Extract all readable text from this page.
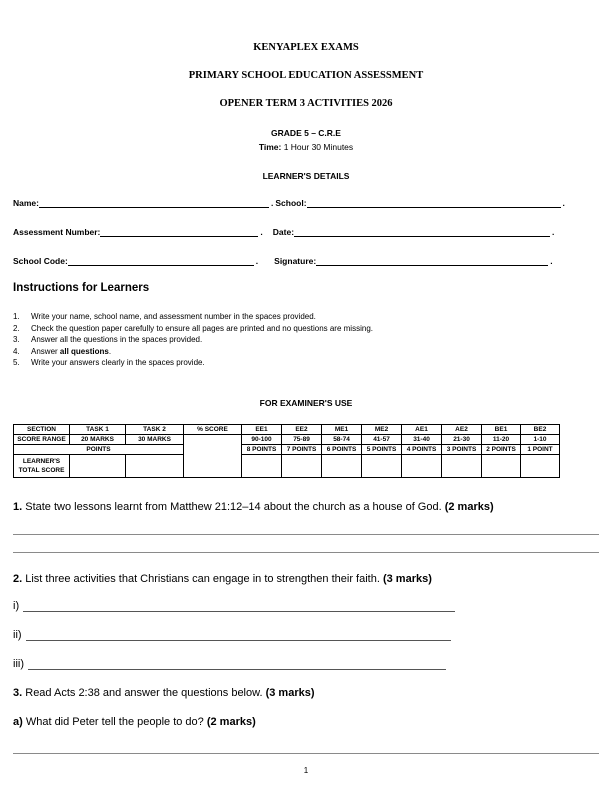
KENYAPLEX EXAMS
PRIMARY SCHOOL EDUCATION ASSESSMENT
OPENER TERM 3 ACTIVITIES 2026
GRADE 5 – C.R.E
Time: 1 Hour 30 Minutes
LEARNER'S DETAILS
Name:	. School:	.
Assessment Number:	. Date:	.
School Code:	. Signature:	.
Instructions for Learners
1. Write your name, school name, and assessment number in the spaces provided.
2. Check the question paper carefully to ensure all pages are printed and no questions are missing.
3. Answer all the questions in the spaces provided.
4. Answer all questions.
5. Write your answers clearly in the spaces provide.
FOR EXAMINER'S USE
SECTION	TASK 1	TASK 2	% SCORE	EE1	EE2	ME1	ME2	AE1	AE2	BE1	BE2
SCORE RANGE	20 MARKS	30 MARKS		90-100	75-89	58-74	41-57	31-40	21-30	11-20	1-10
POINTS				8 POINTS	7 POINTS	6 POINTS	5 POINTS	4 POINTS	3 POINTS	2 POINTS	1 POINT
LEARNER'S TOTAL SCORE											
1. State two lessons learnt from Matthew 21:12–14 about the church as a house of God. (2 marks)
2. List three activities that Christians can engage in to strengthen their faith. (3 marks)
i)
ii)
iii)
3. Read Acts 2:38 and answer the questions below. (3 marks)
a) What did Peter tell the people to do? (2 marks)
1
